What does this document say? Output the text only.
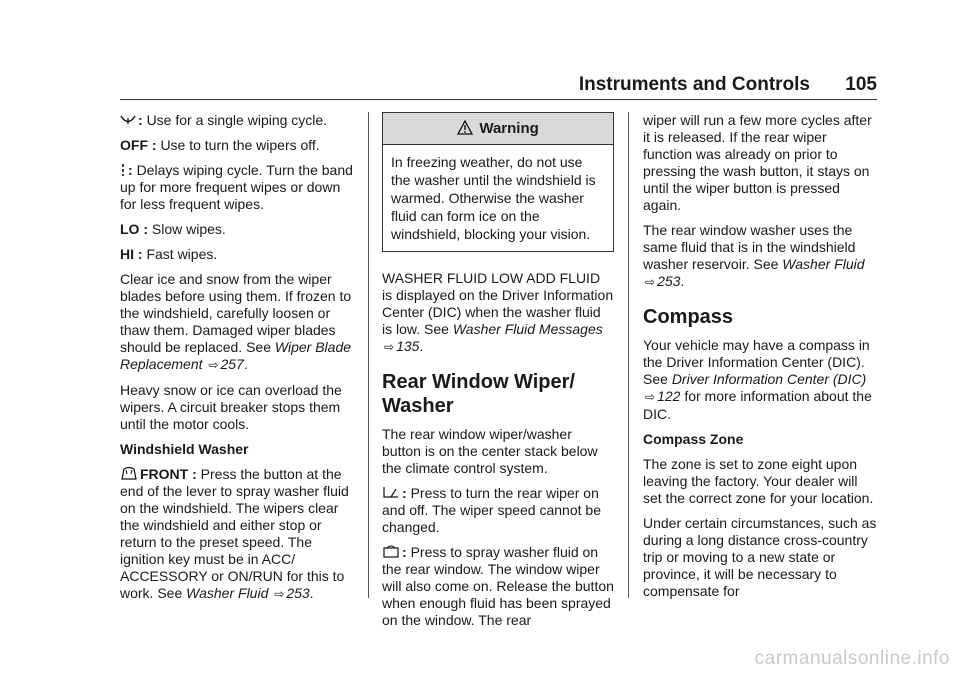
Instruments and Controls 105

: Use for a single wiping cycle.

OFF : Use to turn the wipers off.

: Delays wiping cycle. Turn the band up for more frequent wipes or down for less frequent wipes.

LO : Slow wipes.

HI : Fast wipes.

Clear ice and snow from the wiper blades before using them. If frozen to the windshield, carefully loosen or thaw them. Damaged wiper blades should be replaced. See Wiper Blade Replacement ⇨ 257.

Heavy snow or ice can overload the wipers. A circuit breaker stops them until the motor cools.

Windshield Washer

FRONT : Press the button at the end of the lever to spray washer fluid on the windshield. The wipers clear the windshield and either stop or return to the preset speed. The ignition key must be in ACC/ ACCESSORY or ON/RUN for this to work. See Washer Fluid ⇨ 253.

Warning
In freezing weather, do not use the washer until the windshield is warmed. Otherwise the washer fluid can form ice on the windshield, blocking your vision.

WASHER FLUID LOW ADD FLUID is displayed on the Driver Information Center (DIC) when the washer fluid is low. See Washer Fluid Messages ⇨ 135.

Rear Window Wiper/ Washer

The rear window wiper/washer button is on the center stack below the climate control system.

: Press to turn the rear wiper on and off. The wiper speed cannot be changed.

: Press to spray washer fluid on the rear window. The window wiper will also come on. Release the button when enough fluid has been sprayed on the window. The rear

wiper will run a few more cycles after it is released. If the rear wiper function was already on prior to pressing the wash button, it stays on until the wiper button is pressed again.

The rear window washer uses the same fluid that is in the windshield washer reservoir. See Washer Fluid ⇨ 253.

Compass

Your vehicle may have a compass in the Driver Information Center (DIC). See Driver Information Center (DIC) ⇨ 122 for more information about the DIC.

Compass Zone

The zone is set to zone eight upon leaving the factory. Your dealer will set the correct zone for your location.

Under certain circumstances, such as during a long distance cross-country trip or moving to a new state or province, it will be necessary to compensate for

carmanualsonline.info
